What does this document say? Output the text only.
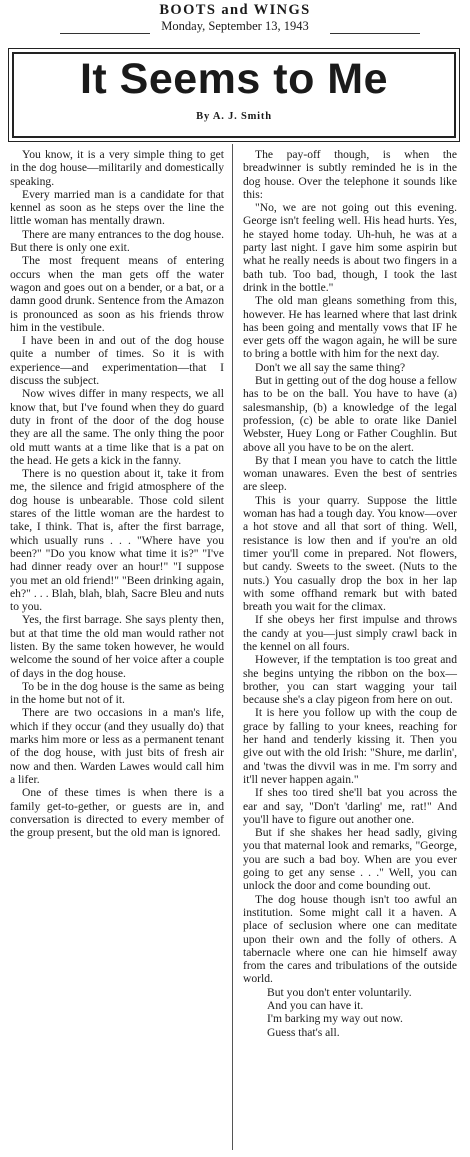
BOOTS and WINGS
Monday, September 13, 1943
It Seems to Me
By A. J. Smith

You know, it is a very simple thing to get in the dog house—militarily and domestically speaking.

Every married man is a candidate for that kennel as soon as he steps over the line the little woman has mentally drawn.

There are many entrances to the dog house. But there is only one exit.

The most frequent means of entering occurs when the man gets off the water wagon and goes out on a bender, or a bat, or a damn good drunk. Sentence from the Amazon is pronounced as soon as his friends throw him in the vestibule.

I have been in and out of the dog house quite a number of times. So it is with experience—and experimentation—that I discuss the subject.

Now wives differ in many respects, we all know that, but I've found when they do guard duty in front of the door of the dog house they are all the same. The only thing the poor old mutt wants at a time like that is a pat on the head. He gets a kick in the fanny.

There is no question about it, take it from me, the silence and frigid atmosphere of the dog house is unbearable. Those cold silent stares of the little woman are the hardest to take, I think. That is, after the first barrage, which usually runs . . . "Where have you been?" "Do you know what time it is?" "I've had dinner ready over an hour!" "I suppose you met an old friend!" "Been drinking again, eh?" . . . Blah, blah, blah, Sacre Bleu and nuts to you.

Yes, the first barrage. She says plenty then, but at that time the old man would rather not listen. By the same token however, he would welcome the sound of her voice after a couple of days in the dog house.

To be in the dog house is the same as being in the home but not of it.

There are two occasions in a man's life, which if they occur (and they usually do) that marks him more or less as a permanent tenant of the dog house, with just bits of fresh air now and then. Warden Lawes would call him a lifer.

One of these times is when there is a family get-to-gether, or guests are in, and conversation is directed to every member of the group present, but the old man is ignored.

The pay-off though, is when the breadwinner is subtly reminded he is in the dog house. Over the telephone it sounds like this:

"No, we are not going out this evening. George isn't feeling well. His head hurts. Yes, he stayed home today. Uh-huh, he was at a party last night. I gave him some aspirin but what he really needs is about two fingers in a bath tub. Too bad, though, I took the last drink in the bottle."

The old man gleans something from this, however. He has learned where that last drink has been going and mentally vows that IF he ever gets off the wagon again, he will be sure to bring a bottle with him for the next day.

Don't we all say the same thing?

But in getting out of the dog house a fellow has to be on the ball. You have to have (a) salesmanship, (b) a knowledge of the legal profession, (c) be able to orate like Daniel Webster, Huey Long or Father Coughlin. But above all you have to be on the alert.

By that I mean you have to catch the little woman unawares. Even the best of sentries are sleep.

This is your quarry. Suppose the little woman has had a tough day. You know—over a hot stove and all that sort of thing. Well, resistance is low then and if you're an old timer you'll come in prepared. Not flowers, but candy. Sweets to the sweet. (Nuts to the nuts.) You casually drop the box in her lap with some offhand remark but with bated breath you wait for the climax.

If she obeys her first impulse and throws the candy at you—just simply crawl back in the kennel on all fours.

However, if the temptation is too great and she begins untying the ribbon on the box—brother, you can start wagging your tail because she's a clay pigeon from here on out.

It is here you follow up with the coup de grace by falling to your knees, reaching for her hand and tenderly kissing it. Then you give out with the old Irish: "Shure, me darlin', and 'twas the divvil was in me. I'm sorry and it'll never happen again."

If shes too tired she'll bat you across the ear and say, "Don't 'darling' me, rat!" And you'll have to figure out another one.

But if she shakes her head sadly, giving you that maternal look and remarks, "George, you are such a bad boy. When are you ever going to get any sense . . ." Well, you can unlock the door and come bounding out.

The dog house though isn't too awful an institution. Some might call it a haven. A place of seclusion where one can meditate upon their own and the folly of others. A tabernacle where one can hie himself away from the cares and tribulations of the outside world.

But you don't enter voluntarily.

And you can have it.

I'm barking my way out now.

Guess that's all.
